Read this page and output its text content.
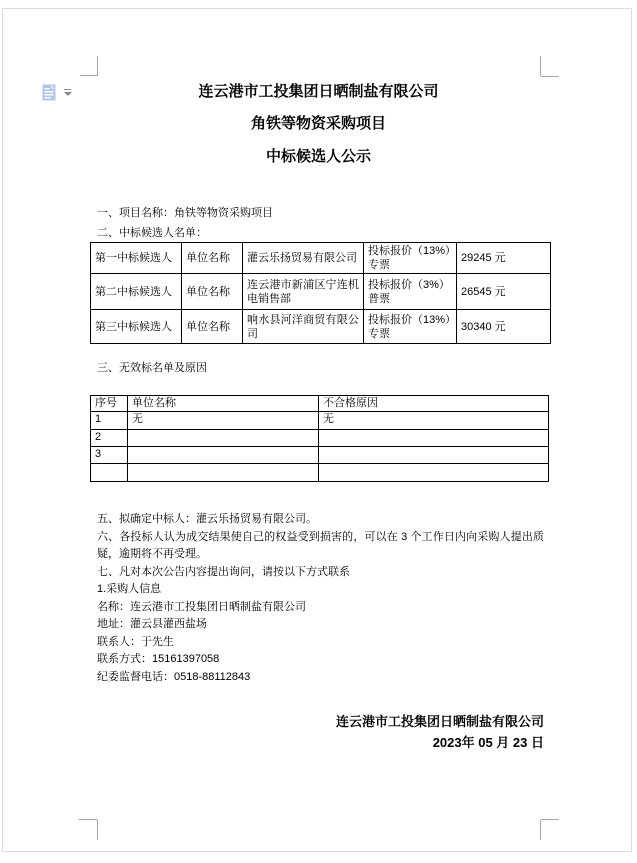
连云港市工投集团日晒制盐有限公司
角铁等物资采购项目
中标候选人公示

一、项目名称：角铁等物资采购项目

二、中标候选人名单：

第一中标候选人	单位名称	灌云乐扬贸易有限公司	投标报价（13%）专票	29245 元
第二中标候选人	单位名称	连云港市新浦区宁连机电销售部	投标报价（3%）普票	26545 元
第三中标候选人	单位名称	响水县河洋商贸有限公司	投标报价（13%）专票	30340 元

三、无效标名单及原因

序号	单位名称	不合格原因
1	无	无
2		
3		

五、拟确定中标人：灌云乐扬贸易有限公司。

六、各投标人认为成交结果使自己的权益受到损害的，可以在 3 个工作日内向采购人提出质疑，逾期将不再受理。

七、凡对本次公告内容提出询问，请按以下方式联系

1.采购人信息

名称：连云港市工投集团日晒制盐有限公司

地址：灌云县灌西盐场

联系人：于先生

联系方式：15161397058

纪委监督电话：0518-88112843

连云港市工投集团日晒制盐有限公司

2023年 05 月 23 日
